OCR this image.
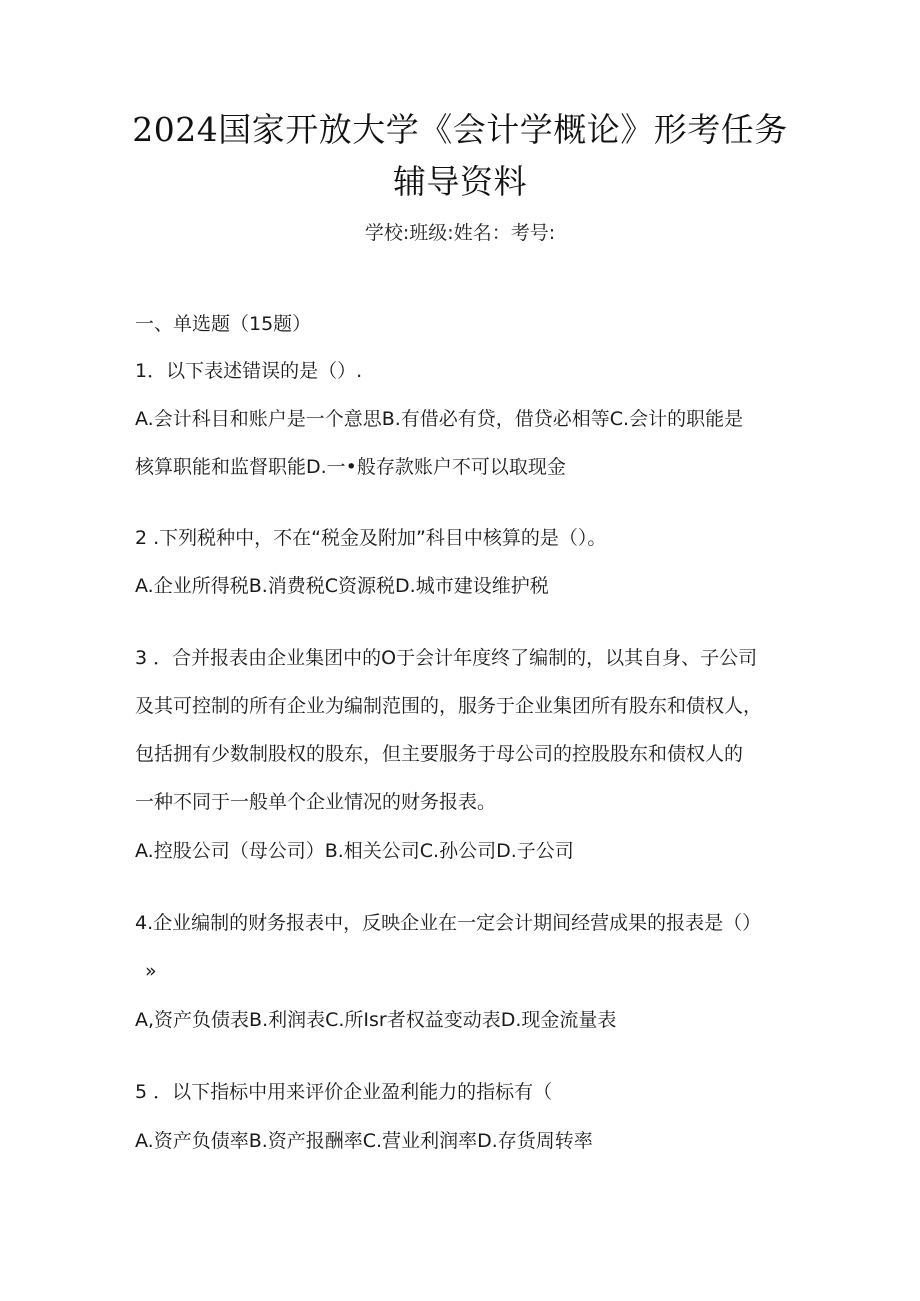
2024国家开放大学《会计学概论》形考任务
辅导资料
学校:班级:姓名：考号:
一、单选题（15题）
1．以下表述错误的是（）.
A.会计科目和账户是一个意思B.有借必有贷，借贷必相等C.会计的职能是
核算职能和监督职能D.一•般存款账户不可以取现金
2 .下列税种中，不在“税金及附加”科目中核算的是（）。
A.企业所得税B.消费税C资源税D.城市建设维护税
3 ．合并报表由企业集团中的O于会计年度终了编制的，以其自身、子公司
及其可控制的所有企业为编制范围的，服务于企业集团所有股东和债权人，
包括拥有少数制股权的股东，但主要服务于母公司的控股股东和债权人的
一种不同于一般单个企业情况的财务报表。
A.控股公司（母公司）B.相关公司C.孙公司D.子公司
4.企业编制的财务报表中，反映企业在一定会计期间经营成果的报表是（）
»
A,资产负债表B.利润表C.所Isr者权益变动表D.现金流量表
5 ．以下指标中用来评价企业盈利能力的指标有（
A.资产负债率B.资产报酬率C.营业利润率D.存货周转率
